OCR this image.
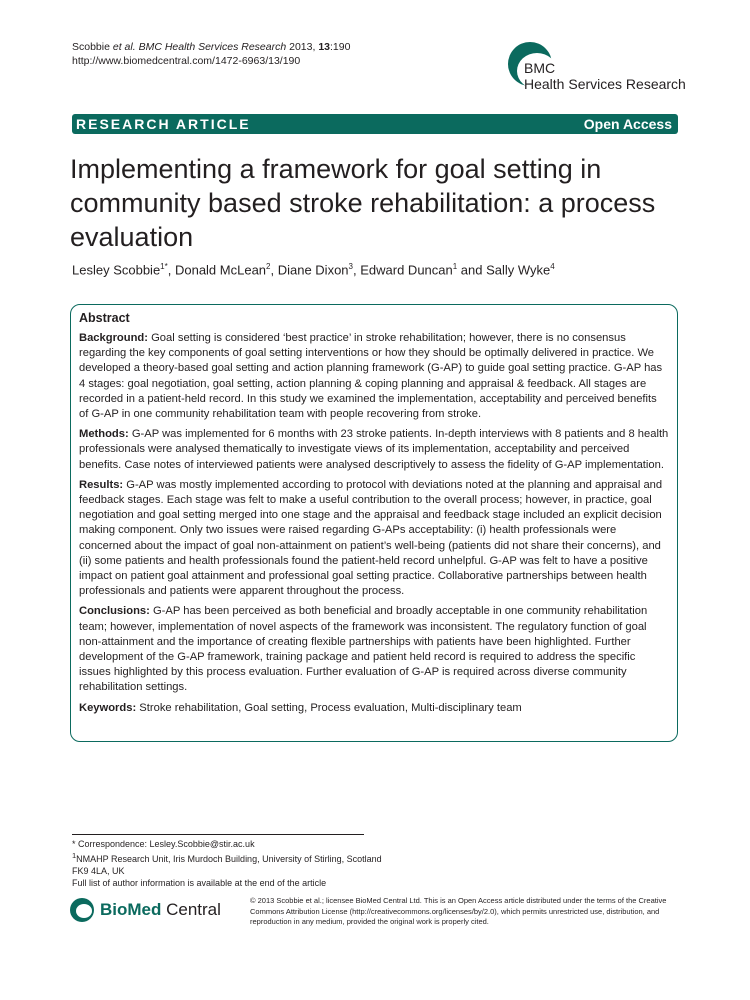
Scobbie et al. BMC Health Services Research 2013, 13:190
http://www.biomedcentral.com/1472-6963/13/190	BMC
Health Services Research
RESEARCH ARTICLE	Open Access
Implementing a framework for goal setting in community based stroke rehabilitation: a process evaluation
Lesley Scobbie$^{1*}$, Donald McLean$^2$, Diane Dixon$^3$, Edward Duncan$^1$ and Sally Wyke$^4$

Abstract

Background: Goal setting is considered ‘best practice’ in stroke rehabilitation; however, there is no consensus regarding the key components of goal setting interventions or how they should be optimally delivered in practice. We developed a theory-based goal setting and action planning framework (G-AP) to guide goal setting practice. G-AP has 4 stages: goal negotiation, goal setting, action planning & coping planning and appraisal & feedback. All stages are recorded in a patient-held record. In this study we examined the implementation, acceptability and perceived benefits of G-AP in one community rehabilitation team with people recovering from stroke.

Methods: G-AP was implemented for 6 months with 23 stroke patients. In-depth interviews with 8 patients and 8 health professionals were analysed thematically to investigate views of its implementation, acceptability and perceived benefits. Case notes of interviewed patients were analysed descriptively to assess the fidelity of G-AP implementation.

Results: G-AP was mostly implemented according to protocol with deviations noted at the planning and appraisal and feedback stages. Each stage was felt to make a useful contribution to the overall process; however, in practice, goal negotiation and goal setting merged into one stage and the appraisal and feedback stage included an explicit decision making component. Only two issues were raised regarding G-APs acceptability: (i) health professionals were concerned about the impact of goal non-attainment on patient’s well-being (patients did not share their concerns), and (ii) some patients and health professionals found the patient-held record unhelpful. G-AP was felt to have a positive impact on patient goal attainment and professional goal setting practice. Collaborative partnerships between health professionals and patients were apparent throughout the process.

Conclusions: G-AP has been perceived as both beneficial and broadly acceptable in one community rehabilitation team; however, implementation of novel aspects of the framework was inconsistent. The regulatory function of goal non-attainment and the importance of creating flexible partnerships with patients have been highlighted. Further development of the G-AP framework, training package and patient held record is required to address the specific issues highlighted by this process evaluation. Further evaluation of G-AP is required across diverse community rehabilitation settings.

Keywords: Stroke rehabilitation, Goal setting, Process evaluation, Multi-disciplinary team

* Correspondence: Lesley.Scobbie@stir.ac.uk
$^1$NMAHP Research Unit, Iris Murdoch Building, University of Stirling, Scotland
FK9 4LA, UK
Full list of author information is available at the end of the article
BioMed Central	© 2013 Scobbie et al.; licensee BioMed Central Ltd. This is an Open Access article distributed under the terms of the Creative Commons Attribution License (http://creativecommons.org/licenses/by/2.0), which permits unrestricted use, distribution, and reproduction in any medium, provided the original work is properly cited.
